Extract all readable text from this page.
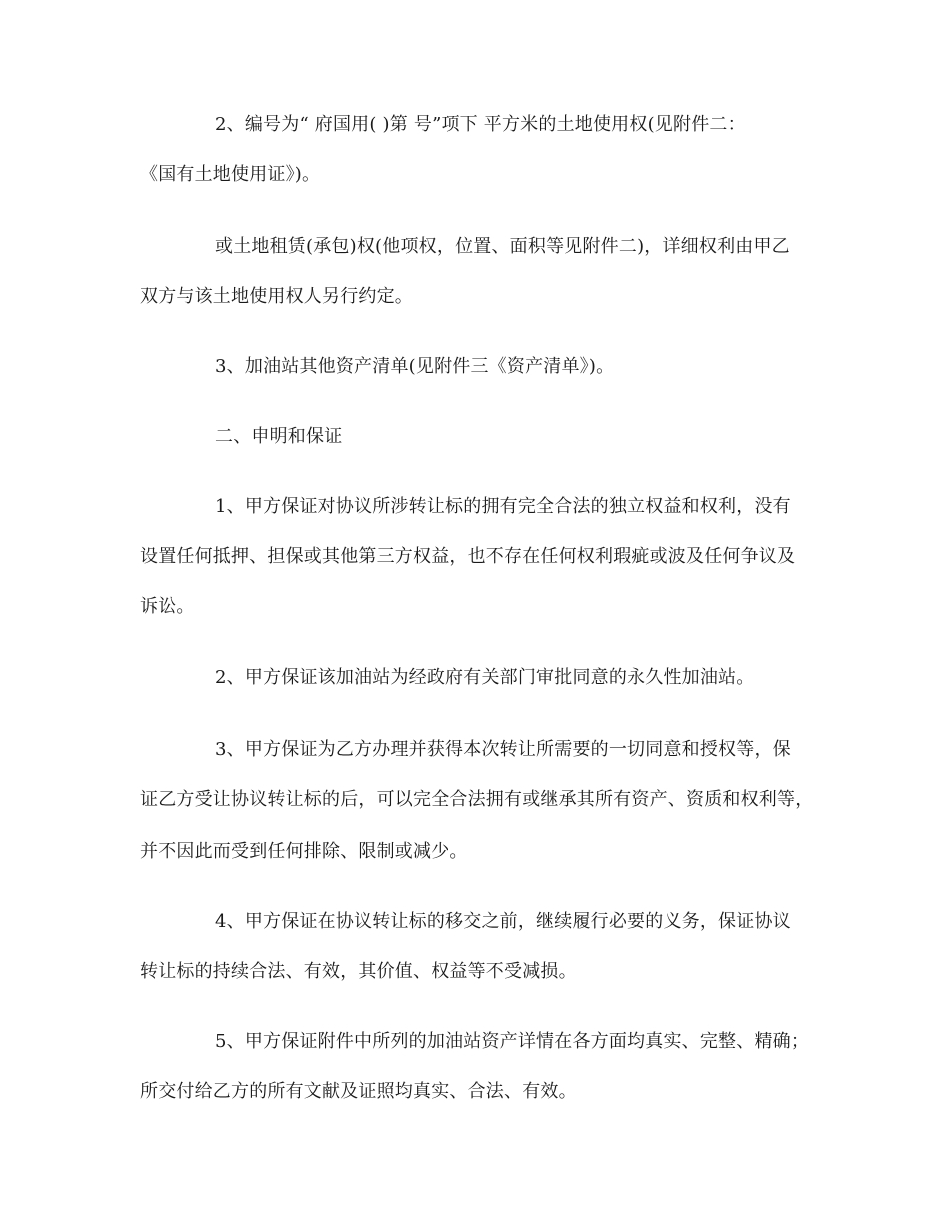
2、编号为“ 府国用( )第 号”项下 平方米的土地使用权(见附件二：
《国有土地使用证》)。
或土地租赁(承包)权(他项权，位置、面积等见附件二)，详细权利由甲乙
双方与该土地使用权人另行约定。
3、加油站其他资产清单(见附件三《资产清单》)。
二、申明和保证
1、甲方保证对协议所涉转让标的拥有完全合法的独立权益和权利，没有
设置任何抵押、担保或其他第三方权益，也不存在任何权利瑕疵或波及任何争议及
诉讼。
2、甲方保证该加油站为经政府有关部门审批同意的永久性加油站。
3、甲方保证为乙方办理并获得本次转让所需要的一切同意和授权等，保
证乙方受让协议转让标的后，可以完全合法拥有或继承其所有资产、资质和权利等，
并不因此而受到任何排除、限制或减少。
4、甲方保证在协议转让标的移交之前，继续履行必要的义务，保证协议
转让标的持续合法、有效，其价值、权益等不受减损。
5、甲方保证附件中所列的加油站资产详情在各方面均真实、完整、精确；
所交付给乙方的所有文献及证照均真实、合法、有效。
